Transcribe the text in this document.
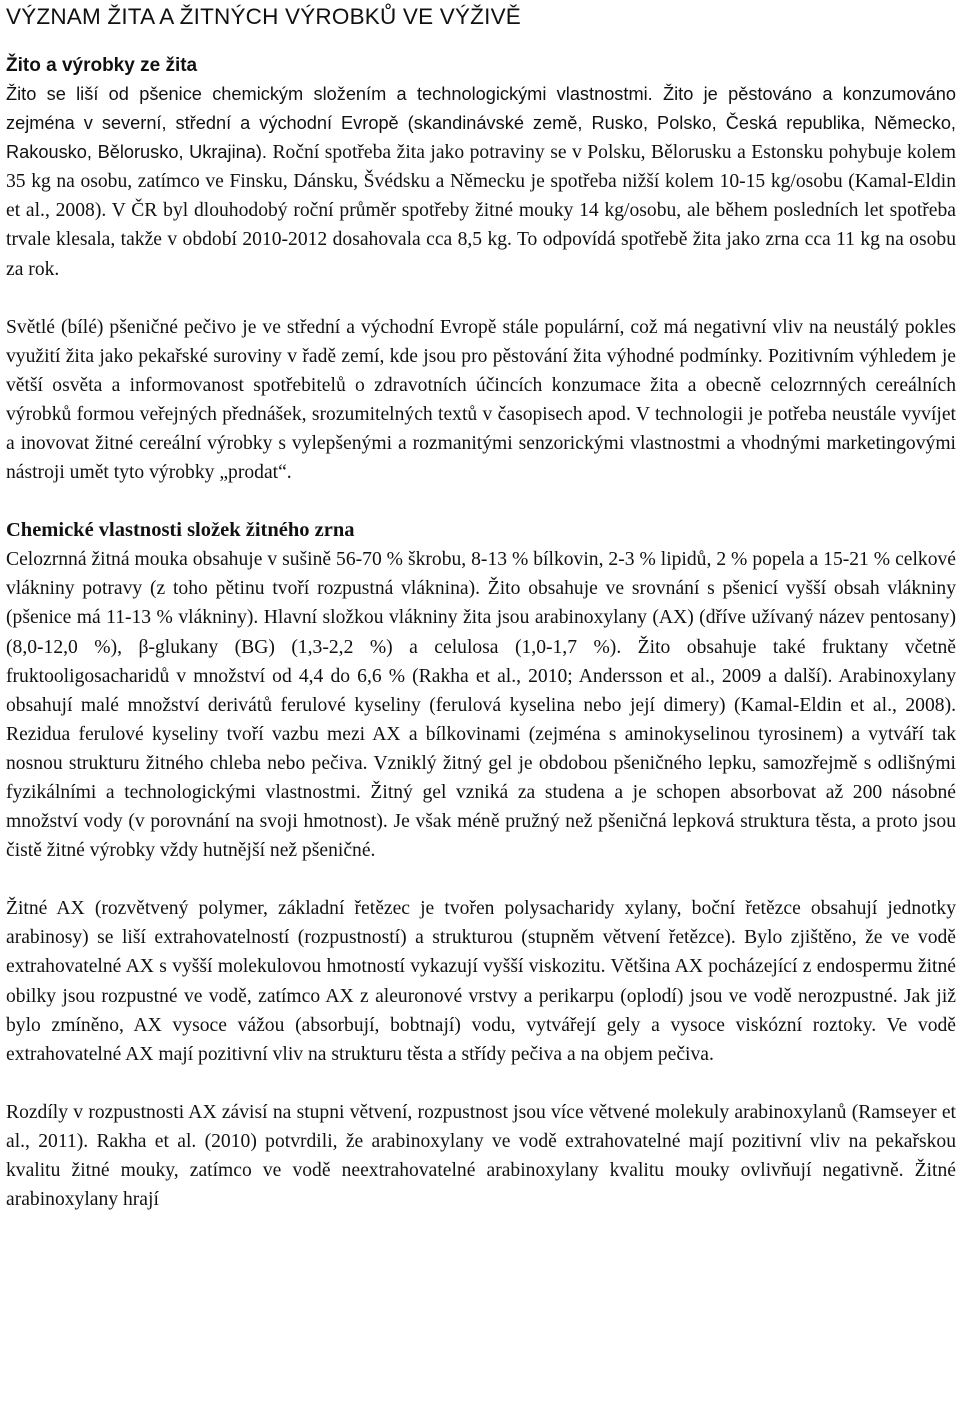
VÝZNAM ŽITA A ŽITNÝCH VÝROBKŮ VE VÝŽIVĚ
Žito a výrobky ze žita

Žito se liší od pšenice chemickým složením a technologickými vlastnostmi. Žito je pěstováno a konzumováno zejména v severní, střední a východní Evropě (skandinávské země, Rusko, Polsko, Česká republika, Německo, Rakousko, Bělorusko, Ukrajina). Roční spotřeba žita jako potraviny se v Polsku, Bělorusku a Estonsku pohybuje kolem 35 kg na osobu, zatímco ve Finsku, Dánsku, Švédsku a Německu je spotřeba nižší kolem 10-15 kg/osobu (Kamal-Eldin et al., 2008). V ČR byl dlouhodobý roční průměr spotřeby žitné mouky 14 kg/osobu, ale během posledních let spotřeba trvale klesala, takže v období 2010-2012 dosahovala cca 8,5 kg. To odpovídá spotřebě žita jako zrna cca 11 kg na osobu za rok.

Světlé (bílé) pšeničné pečivo je ve střední a východní Evropě stále populární, což má negativní vliv na neustálý pokles využití žita jako pekařské suroviny v řadě zemí, kde jsou pro pěstování žita výhodné podmínky. Pozitivním výhledem je větší osvěta a informovanost spotřebitelů o zdravotních účincích konzumace žita a obecně celozrnných cereálních výrobků formou veřejných přednášek, srozumitelných textů v časopisech apod. V technologii je potřeba neustále vyvíjet a inovovat žitné cereální výrobky s vylepšenými a rozmanitými senzorickými vlastnostmi a vhodnými marketingovými nástroji umět tyto výrobky „prodat“.

Chemické vlastnosti složek žitného zrna

Celozrnná žitná mouka obsahuje v sušině 56-70 % škrobu, 8-13 % bílkovin, 2-3 % lipidů, 2 % popela a 15-21 % celkové vlákniny potravy (z toho pětinu tvoří rozpustná vláknina). Žito obsahuje ve srovnání s pšenicí vyšší obsah vlákniny (pšenice má 11-13 % vlákniny). Hlavní složkou vlákniny žita jsou arabinoxylany (AX) (dříve užívaný název pentosany) (8,0-12,0 %), β-glukany (BG) (1,3-2,2 %) a celulosa (1,0-1,7 %). Žito obsahuje také fruktany včetně fruktooligosacharidů v množství od 4,4 do 6,6 % (Rakha et al., 2010; Andersson et al., 2009 a další). Arabinoxylany obsahují malé množství derivátů ferulové kyseliny (ferulová kyselina nebo její dimery) (Kamal-Eldin et al., 2008). Rezidua ferulové kyseliny tvoří vazbu mezi AX a bílkovinami (zejména s aminokyselinou tyrosinem) a vytváří tak nosnou strukturu žitného chleba nebo pečiva. Vzniklý žitný gel je obdobou pšeničného lepku, samozřejmě s odlišnými fyzikálními a technologickými vlastnostmi. Žitný gel vzniká za studena a je schopen absorbovat až 200 násobné množství vody (v porovnání na svoji hmotnost). Je však méně pružný než pšeničná lepková struktura těsta, a proto jsou čistě žitné výrobky vždy hutnější než pšeničné.

Žitné AX (rozvětvený polymer, základní řetězec je tvořen polysacharidy xylany, boční řetězce obsahují jednotky arabinosy) se liší extrahovatelností (rozpustností) a strukturou (stupněm větvení řetězce). Bylo zjištěno, že ve vodě extrahovatelné AX s vyšší molekulovou hmotností vykazují vyšší viskozitu. Většina AX pocházející z endospermu žitné obilky jsou rozpustné ve vodě, zatímco AX z aleuronové vrstvy a perikarpu (oplodí) jsou ve vodě nerozpustné. Jak již bylo zmíněno, AX vysoce vážou (absorbují, bobtnají) vodu, vytvářejí gely a vysoce viskózní roztoky. Ve vodě extrahovatelné AX mají pozitivní vliv na strukturu těsta a střídy pečiva a na objem pečiva.

Rozdíly v rozpustnosti AX závisí na stupni větvení, rozpustnost jsou více větvené molekuly arabinoxylanů (Ramseyer et al., 2011). Rakha et al. (2010) potvrdili, že arabinoxylany ve vodě extrahovatelné mají pozitivní vliv na pekařskou kvalitu žitné mouky, zatímco ve vodě neextrahovatelné arabinoxylany kvalitu mouky ovlivňují negativně. Žitné arabinoxylany hrají
